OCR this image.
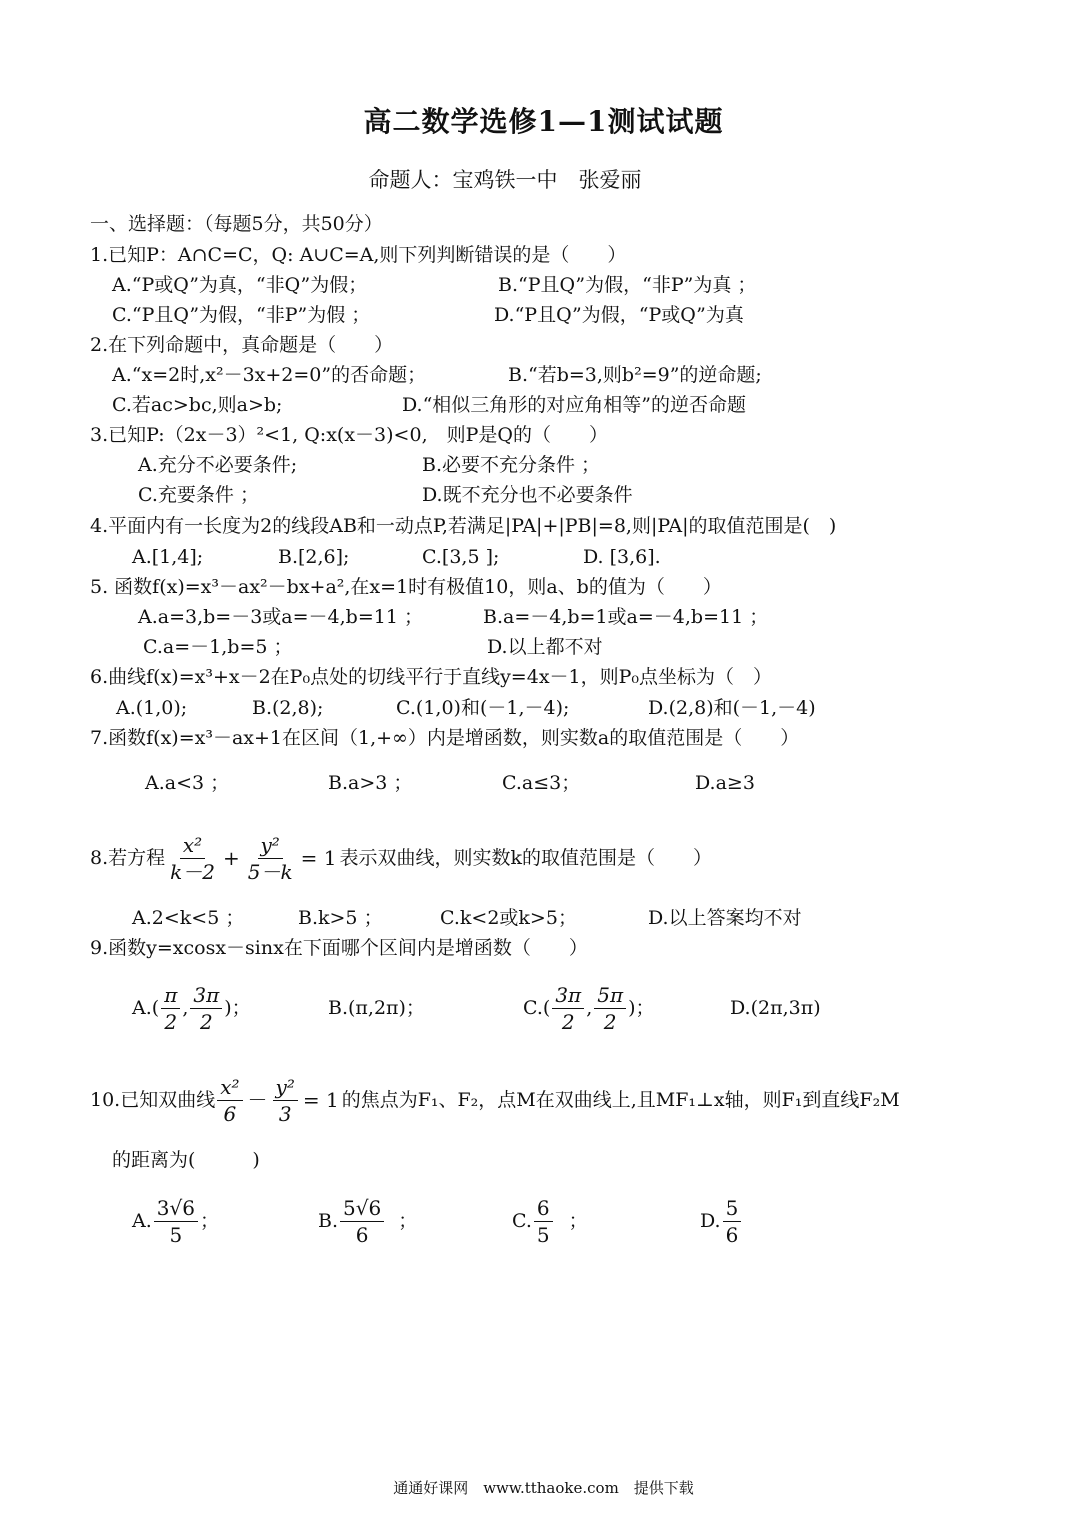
高二数学选修1—1测试试题
命题人：宝鸡铁一中　张爱丽
一、选择题：（每题5分，共50分）
1.已知P：A∩C=C，Q: A∪C=A,则下列判断错误的是（　　）
A.“P或Q”为真，“非Q”为假；	B.“P且Q”为假，“非P”为真 ；
C.“P且Q”为假，“非P”为假 ；	D.“P且Q”为假，“P或Q”为真
2.在下列命题中，真命题是（　　）
A.“x=2时,x²－3x+2=0”的否命题；	B.“若b=3,则b²=9”的逆命题;
C.若ac>bc,则a>b;	D.“相似三角形的对应角相等”的逆否命题
3.已知P:（2x－3）²<1, Q:x(x－3)<0,　则P是Q的（　　）
A.充分不必要条件;	B.必要不充分条件 ；
C.充要条件 ；	D.既不充分也不必要条件
4.平面内有一长度为2的线段AB和一动点P,若满足|PA|+|PB|=8,则|PA|的取值范围是(　)
A.[1,4];	B.[2,6];	C.[3,5 ];	D. [3,6].
5. 函数f(x)=x³－ax²－bx+a²,在x=1时有极值10，则a、b的值为（　　）
A.a=3,b=－3或a=－4,b=11 ；	B.a=－4,b=1或a=－4,b=11 ；
C.a=－1,b=5 ；	D.以上都不对
6.曲线f(x)=x³+x－2在P₀点处的切线平行于直线y=4x－1，则P₀点坐标为（　）
A.(1,0);	B.(2,8);	C.(1,0)和(－1,－4);	D.(2,8)和(－1,－4)
7.函数f(x)=x³－ax+1在区间（1,+∞）内是增函数，则实数a的取值范围是（　　）
A.a<3 ；	B.a>3 ；	C.a≤3；	D.a≥3
8.若方程 $\frac{\text{x²}}{k-2} + \frac{\text{y²}}{5-k} = 1$ 表示双曲线，则实数k的取值范围是（　　）
A.2<k<5 ；	B.k>5 ；	C.k<2或k>5；	D.以上答案均不对
9.函数y=xcosx－sinx在下面哪个区间内是增函数（　　）
$A.( \frac{\pi}{2}$ , $\frac{3\pi}{2}$ )；	B.(π,2π)；	$C.( \frac{3\pi}{2}$ , $\frac{5\pi}{2}$ )；	D.(2π,3π)
10.已知双曲线 $\frac{\text{x²}}{6} - \frac{\text{y²}}{3} = 1$ 的焦点为F₁、F₂，点M在双曲线上,且MF₁⊥x轴，则F₁到直线F₂M
的距离为(　　　)
A. $\frac{3√6}{5}$ ；	B. $\frac{5√6}{6}$ ；	C. $\frac{6}{5}$ ；	D. $\frac{5}{6}$
通通好课网　www.tthaoke.com　提供下载
